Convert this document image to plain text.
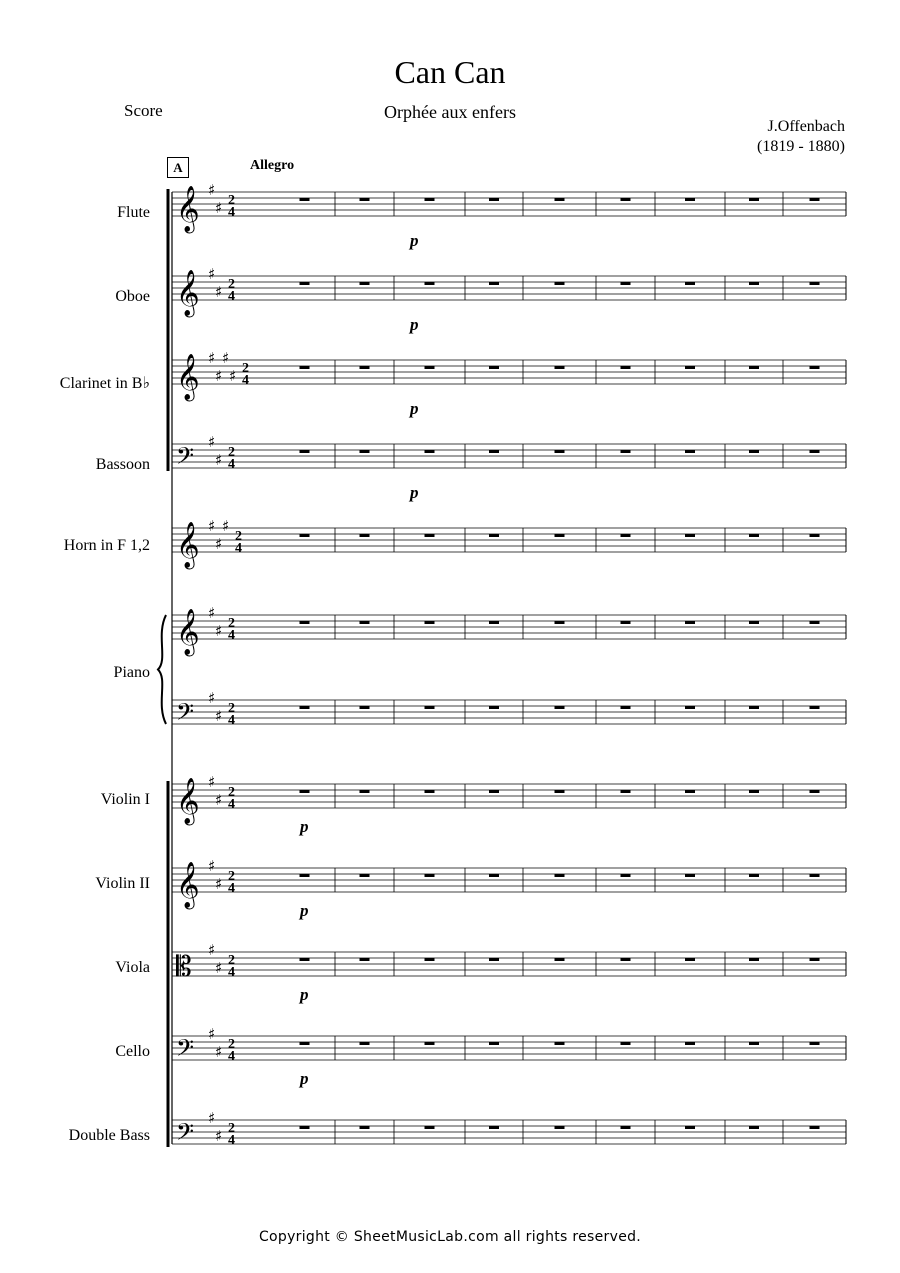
Can Can
Orphée aux enfers
Score
J.Offenbach
(1819 - 1880)
A	Allegro
Flute
Oboe
Clarinet in B♭
Bassoon
Horn in F 1,2
Piano
Violin I
Violin II
Viola
Cello
Double Bass
𝄞 ♯
♯ 2
4
𝄞 ♯
♯ 2
4
𝄞 ♯
♯
♯
♯ 2
4
𝄢 ♯
♯ 2
4
𝄞 ♯
♯
♯
2
4
𝄞 ♯
♯ 2
4
𝄢 ♯
♯ 2
4
𝄞 ♯
♯ 2
4
𝄞 ♯
♯ 2
4
𝄡 ♯
♯ 2
4
𝄢 ♯
♯ 2
4
𝄢 ♯
♯ 2
4
p
p
p
p
p
p
p
p
Copyright © SheetMusicLab.com all rights reserved.
